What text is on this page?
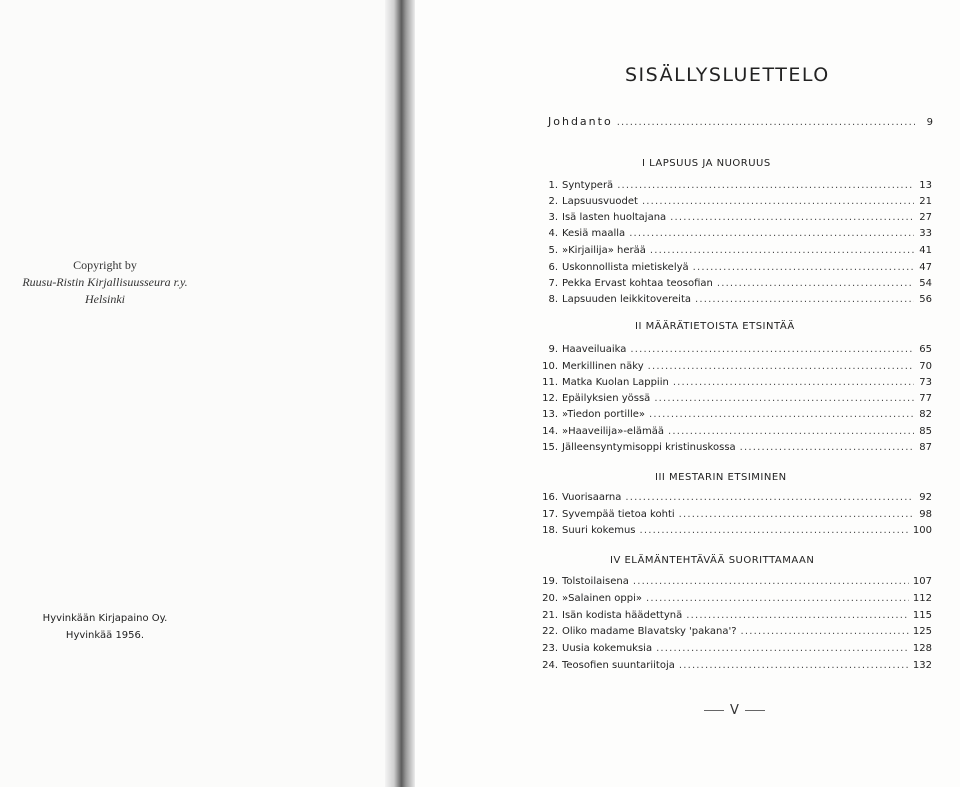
Copyright by
Ruusu-Ristin Kirjallisuusseura r.y.
Helsinki
Hyvinkään Kirjapaino Oy.
Hyvinkää 1956.
SISÄLLYSLUETTELO
Johdanto . . .	9
I LAPSUUS JA NUORUUS
1. Syntyperä . . .	13
2. Lapsuusvuodet . . .	21
3. Isä lasten huoltajana . . .	27
4. Kesiä maalla . . .	33
5. »Kirjailija» herää . . .	41
6. Uskonnollista mietiskelyä . . .	47
7. Pekka Ervast kohtaa teosofian . . .	54
8. Lapsuuden leikkitovereita . . .	56
II MÄÄRÄTIETOISTA ETSINTÄÄ
9. Haaveiluaika . . .	65
10. Merkillinen näky . . .	70
11. Matka Kuolan Lappiin . . .	73
12. Epäilyksien yössä . . .	77
13. »Tiedon portille» . . .	82
14. »Haaveilija»-elämää . . .	85
15. Jälleensyntymisoppi kristinuskossa . . .	87
III MESTARIN ETSIMINEN
16. Vuorisaarna . . .	92
17. Syvempää tietoa kohti . . .	98
18. Suuri kokemus . . .	100
IV ELÄMÄNTEHTÄVÄÄ SUORITTAMAAN
19. Tolstoilaisena . . .	107
20. »Salainen oppi» . . .	112
21. Isän kodista häädettynä . . .	115
22. Oliko madame Blavatsky 'pakana'? . . .	125
23. Uusia kokemuksia . . .	128
24. Teosofien suuntariitoja . . .	132
V
